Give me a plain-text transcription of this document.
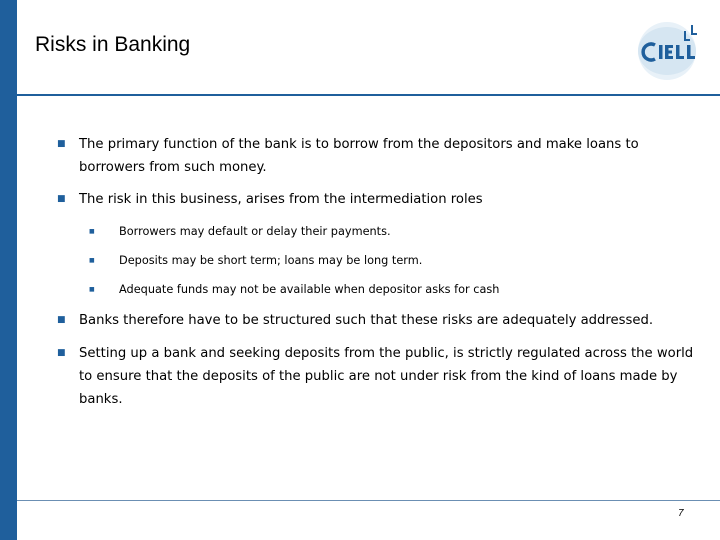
Risks in Banking
■ The primary function of the bank is to borrow from the depositors and make loans to borrowers from such money.
■ The risk in this business, arises from the intermediation roles
■ Borrowers may default or delay their payments.
■ Deposits may be short term; loans may be long term.
■ Adequate funds may not be available when depositor asks for cash
■ Banks therefore have to be structured such that these risks are adequately addressed.
■ Setting up a bank and seeking deposits from the public, is strictly regulated across the world to ensure that the deposits of the public are not under risk from the kind of loans made by banks.
7
